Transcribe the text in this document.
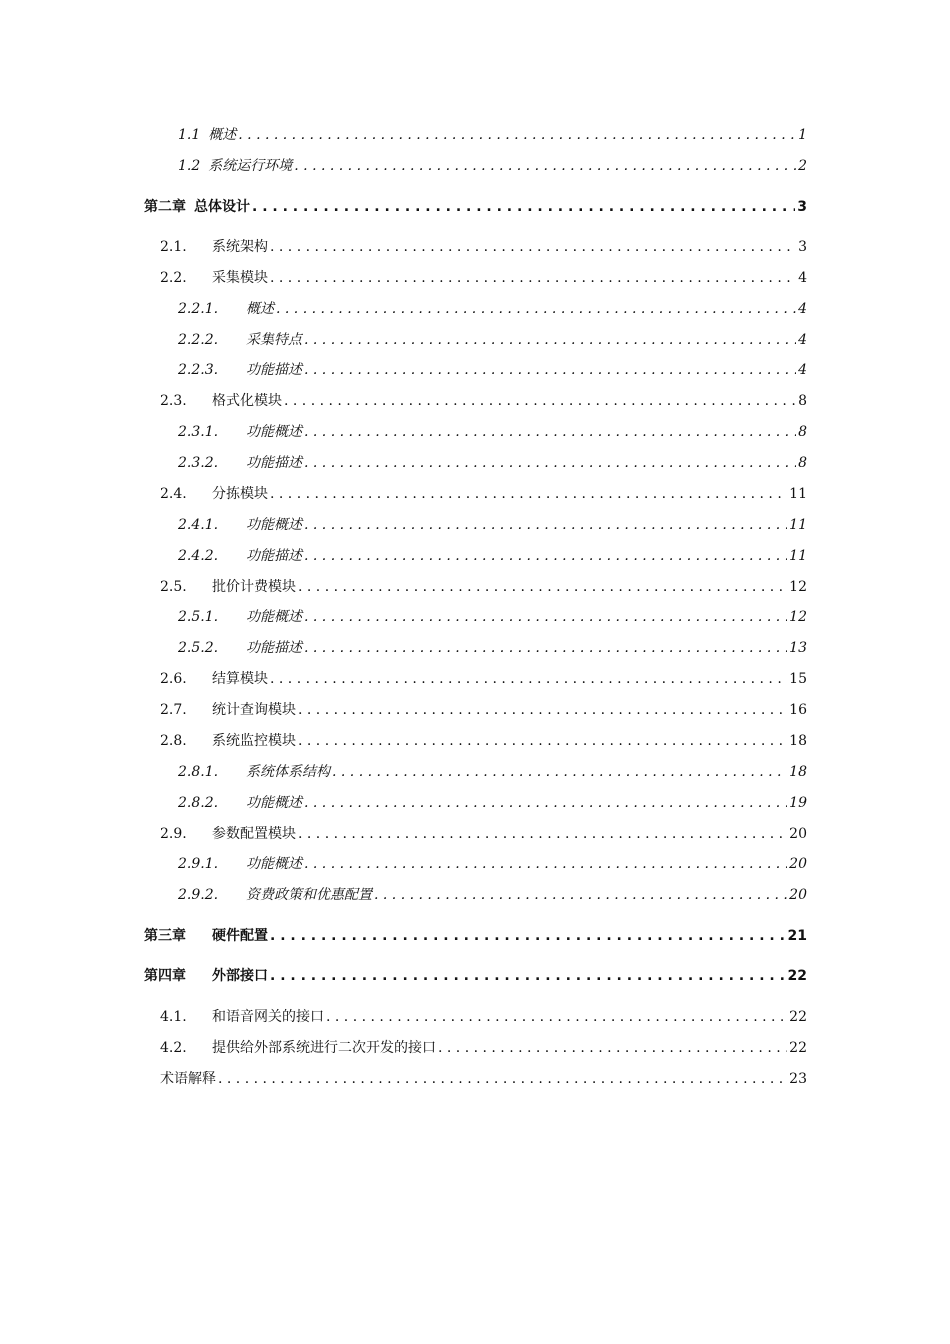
1.1 概述 . . .	1
1.2 系统运行环境 . . .	2
第二章 总体设计 . . .	3
2.1.	系统架构 . . .	3
2.2.	采集模块 . . .	4
2.2.1.	概述 . . .	4
2.2.2.	采集特点 . . .	4
2.2.3.	功能描述 . . .	4
2.3.	格式化模块 . . .	8
2.3.1.	功能概述 . . .	8
2.3.2.	功能描述 . . .	8
2.4.	分拣模块 . . .	11
2.4.1.	功能概述 . . .	11
2.4.2.	功能描述 . . .	11
2.5.	批价计费模块 . . .	12
2.5.1.	功能概述 . . .	12
2.5.2.	功能描述 . . .	13
2.6.	结算模块 . . .	15
2.7.	统计查询模块 . . .	16
2.8.	系统监控模块 . . .	18
2.8.1.	系统体系结构 . . .	18
2.8.2.	功能概述 . . .	19
2.9.	参数配置模块 . . .	20
2.9.1.	功能概述 . . .	20
2.9.2.	资费政策和优惠配置 . . .	20
第三章	硬件配置 . . .	21
第四章	外部接口 . . .	22
4.1.	和语音网关的接口 . . .	22
4.2.	提供给外部系统进行二次开发的接口 . . .	22
术语解释 . . .	23
